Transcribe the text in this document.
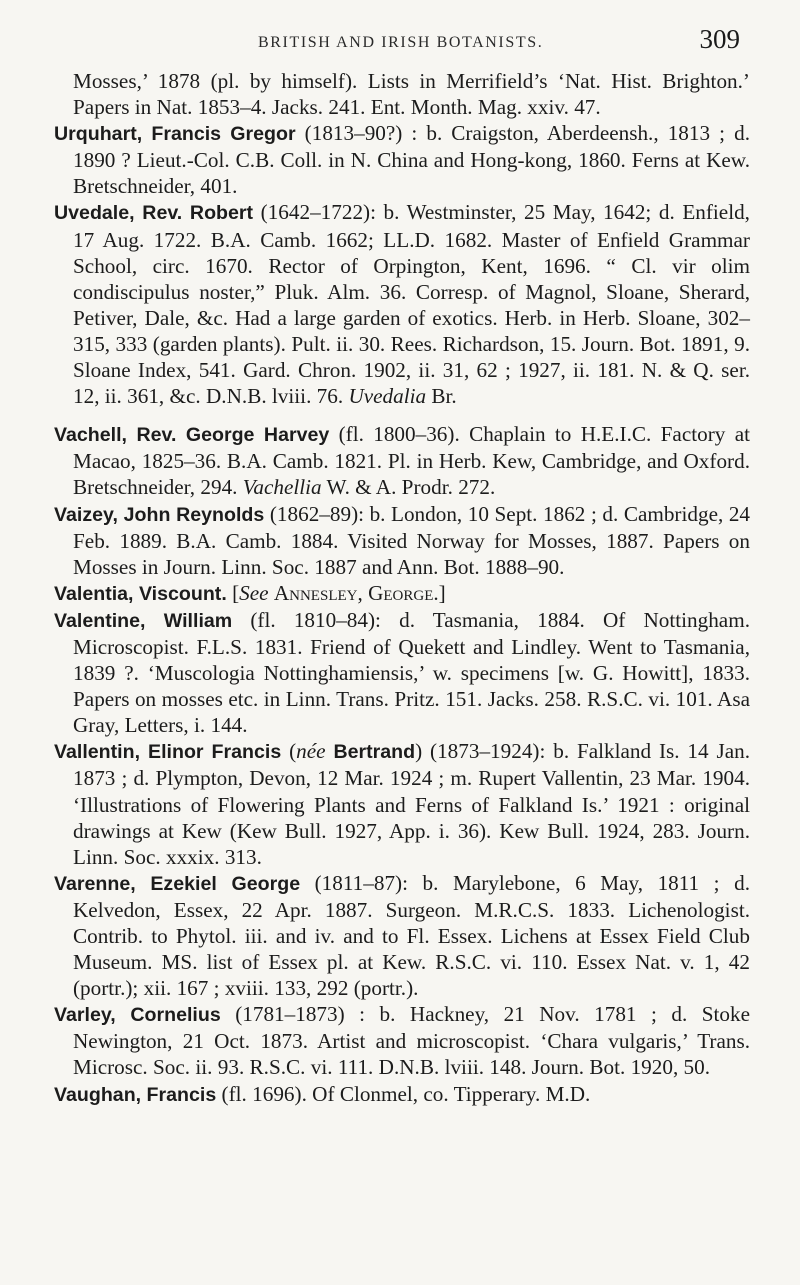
BRITISH AND IRISH BOTANISTS.	309

Mosses,’ 1878 (pl. by himself). Lists in Merrifield’s ‘Nat. Hist. Brighton.’ Papers in Nat. 1853–4. Jacks. 241. Ent. Month. Mag. xxiv. 47.

Urquhart, Francis Gregor (1813–90?) : b. Craigston, Aberdeensh., 1813 ; d. 1890 ? Lieut.-Col. C.B. Coll. in N. China and Hong-kong, 1860. Ferns at Kew. Bretschneider, 401.

Uvedale, Rev. Robert (1642–1722): b. Westminster, 25 May, 1642; d. Enfield, 17 Aug. 1722. B.A. Camb. 1662; LL.D. 1682. Master of Enfield Grammar School, circ. 1670. Rector of Orpington, Kent, 1696. “ Cl. vir olim condiscipulus noster,” Pluk. Alm. 36. Corresp. of Magnol, Sloane, Sherard, Petiver, Dale, &c. Had a large garden of exotics. Herb. in Herb. Sloane, 302–315, 333 (garden plants). Pult. ii. 30. Rees. Richardson, 15. Journ. Bot. 1891, 9. Sloane Index, 541. Gard. Chron. 1902, ii. 31, 62 ; 1927, ii. 181. N. & Q. ser. 12, ii. 361, &c. D.N.B. lviii. 76. Uvedalia Br.

Vachell, Rev. George Harvey (fl. 1800–36). Chaplain to H.E.I.C. Factory at Macao, 1825–36. B.A. Camb. 1821. Pl. in Herb. Kew, Cambridge, and Oxford. Bretschneider, 294. Vachellia W. & A. Prodr. 272.

Vaizey, John Reynolds (1862–89): b. London, 10 Sept. 1862 ; d. Cambridge, 24 Feb. 1889. B.A. Camb. 1884. Visited Norway for Mosses, 1887. Papers on Mosses in Journ. Linn. Soc. 1887 and Ann. Bot. 1888–90.

Valentia, Viscount. [See Annesley, George.]

Valentine, William (fl. 1810–84): d. Tasmania, 1884. Of Nottingham. Microscopist. F.L.S. 1831. Friend of Quekett and Lindley. Went to Tasmania, 1839 ?. ‘Muscologia Nottinghamiensis,’ w. specimens [w. G. Howitt], 1833. Papers on mosses etc. in Linn. Trans. Pritz. 151. Jacks. 258. R.S.C. vi. 101. Asa Gray, Letters, i. 144.

Vallentin, Elinor Francis (née Bertrand) (1873–1924): b. Falkland Is. 14 Jan. 1873 ; d. Plympton, Devon, 12 Mar. 1924 ; m. Rupert Vallentin, 23 Mar. 1904. ‘Illustrations of Flowering Plants and Ferns of Falkland Is.’ 1921 : original drawings at Kew (Kew Bull. 1927, App. i. 36). Kew Bull. 1924, 283. Journ. Linn. Soc. xxxix. 313.

Varenne, Ezekiel George (1811–87): b. Marylebone, 6 May, 1811 ; d. Kelvedon, Essex, 22 Apr. 1887. Surgeon. M.R.C.S. 1833. Lichenologist. Contrib. to Phytol. iii. and iv. and to Fl. Essex. Lichens at Essex Field Club Museum. MS. list of Essex pl. at Kew. R.S.C. vi. 110. Essex Nat. v. 1, 42 (portr.); xii. 167 ; xviii. 133, 292 (portr.).

Varley, Cornelius (1781–1873) : b. Hackney, 21 Nov. 1781 ; d. Stoke Newington, 21 Oct. 1873. Artist and microscopist. ‘Chara vulgaris,’ Trans. Microsc. Soc. ii. 93. R.S.C. vi. 111. D.N.B. lviii. 148. Journ. Bot. 1920, 50.

Vaughan, Francis (fl. 1696). Of Clonmel, co. Tipperary. M.D.
